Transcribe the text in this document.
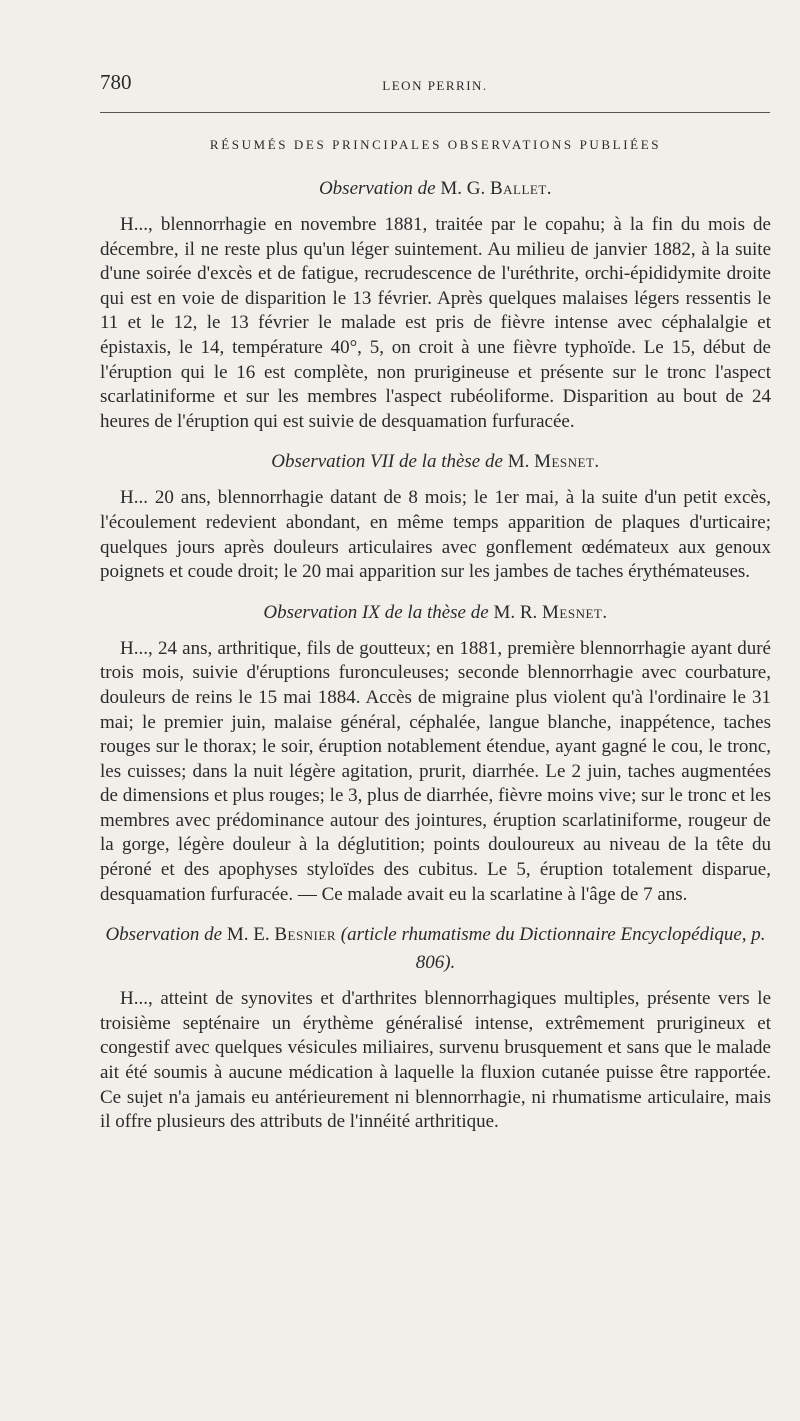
780	LEON PERRIN.
RÉSUMÉS DES PRINCIPALES OBSERVATIONS PUBLIÉES
Observation de M. G. Ballet.

H..., blennorrhagie en novembre 1881, traitée par le copahu; à la fin du mois de décembre, il ne reste plus qu'un léger suintement. Au milieu de janvier 1882, à la suite d'une soirée d'excès et de fatigue, recrudescence de l'uréthrite, orchi-épididymite droite qui est en voie de disparition le 13 février. Après quelques malaises légers ressentis le 11 et le 12, le 13 février le malade est pris de fièvre intense avec céphalalgie et épistaxis, le 14, température 40°, 5, on croit à une fièvre typhoïde. Le 15, début de l'éruption qui le 16 est complète, non prurigineuse et présente sur le tronc l'aspect scarlatiniforme et sur les membres l'aspect rubéoliforme. Disparition au bout de 24 heures de l'éruption qui est suivie de desquamation furfuracée.

Observation VII de la thèse de M. Mesnet.

H... 20 ans, blennorrhagie datant de 8 mois; le 1er mai, à la suite d'un petit excès, l'écoulement redevient abondant, en même temps apparition de plaques d'urticaire; quelques jours après douleurs articulaires avec gonflement œdémateux aux genoux poignets et coude droit; le 20 mai apparition sur les jambes de taches érythémateuses.

Observation IX de la thèse de M. R. Mesnet.

H..., 24 ans, arthritique, fils de goutteux; en 1881, première blennorrhagie ayant duré trois mois, suivie d'éruptions furonculeuses; seconde blennorrhagie avec courbature, douleurs de reins le 15 mai 1884. Accès de migraine plus violent qu'à l'ordinaire le 31 mai; le premier juin, malaise général, céphalée, langue blanche, inappétence, taches rouges sur le thorax; le soir, éruption notablement étendue, ayant gagné le cou, le tronc, les cuisses; dans la nuit légère agitation, prurit, diarrhée. Le 2 juin, taches augmentées de dimensions et plus rouges; le 3, plus de diarrhée, fièvre moins vive; sur le tronc et les membres avec prédominance autour des jointures, éruption scarlatiniforme, rougeur de la gorge, légère douleur à la déglutition; points douloureux au niveau de la tête du péroné et des apophyses styloïdes des cubitus. Le 5, éruption totalement disparue, desquamation furfuracée. — Ce malade avait eu la scarlatine à l'âge de 7 ans.

Observation de M. E. Besnier (article rhumatisme du Dictionnaire Encyclopédique, p. 806).

H..., atteint de synovites et d'arthrites blennorrhagiques multiples, présente vers le troisième septénaire un érythème généralisé intense, extrêmement prurigineux et congestif avec quelques vésicules miliaires, survenu brusquement et sans que le malade ait été soumis à aucune médication à laquelle la fluxion cutanée puisse être rapportée. Ce sujet n'a jamais eu antérieurement ni blennorrhagie, ni rhumatisme articulaire, mais il offre plusieurs des attributs de l'innéité arthritique.
